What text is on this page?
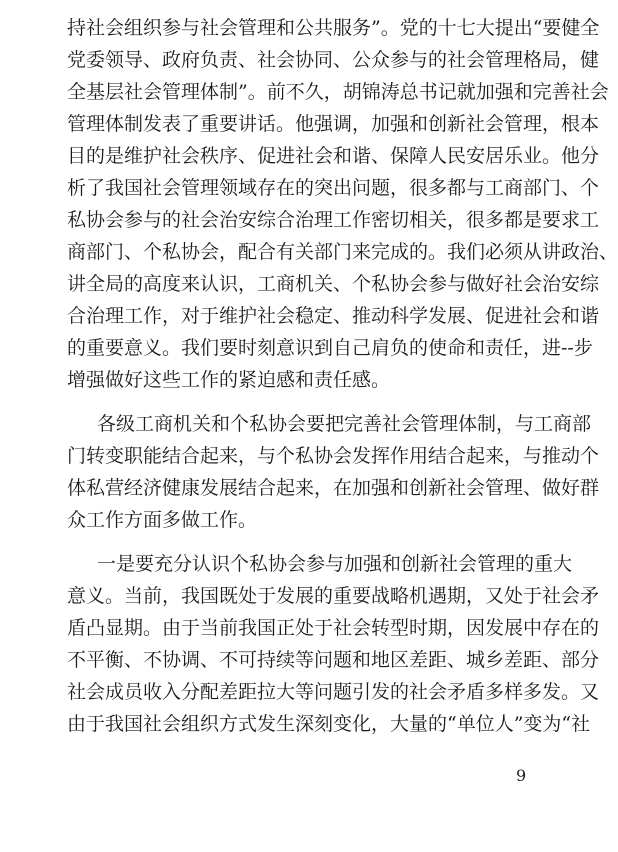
持社会组织参与社会管理和公共服务”。党的十七大提出“要健全
党委领导、政府负责、社会协同、公众参与的社会管理格局，健
全基层社会管理体制”。前不久，胡锦涛总书记就加强和完善社会
管理体制发表了重要讲话。他强调，加强和创新社会管理，根本
目的是维护社会秩序、促进社会和谐、保障人民安居乐业。他分
析了我国社会管理领域存在的突出问题，很多都与工商部门、个
私协会参与的社会治安综合治理工作密切相关，很多都是要求工
商部门、个私协会，配合有关部门来完成的。我们必须从讲政治、
讲全局的高度来认识，工商机关、个私协会参与做好社会治安综
合治理工作，对于维护社会稳定、推动科学发展、促进社会和谐
的重要意义。我们要时刻意识到自己肩负的使命和责任，进--步
增强做好这些工作的紧迫感和责任感。
各级工商机关和个私协会要把完善社会管理体制，与工商部
门转变职能结合起来，与个私协会发挥作用结合起来，与推动个
体私营经济健康发展结合起来，在加强和创新社会管理、做好群
众工作方面多做工作。
一是要充分认识个私协会参与加强和创新社会管理的重大
意义。当前，我国既处于发展的重要战略机遇期，又处于社会矛
盾凸显期。由于当前我国正处于社会转型时期，因发展中存在的
不平衡、不协调、不可持续等问题和地区差距、城乡差距、部分
社会成员收入分配差距拉大等问题引发的社会矛盾多样多发。又
由于我国社会组织方式发生深刻变化，大量的“单位人”变为“社
9
